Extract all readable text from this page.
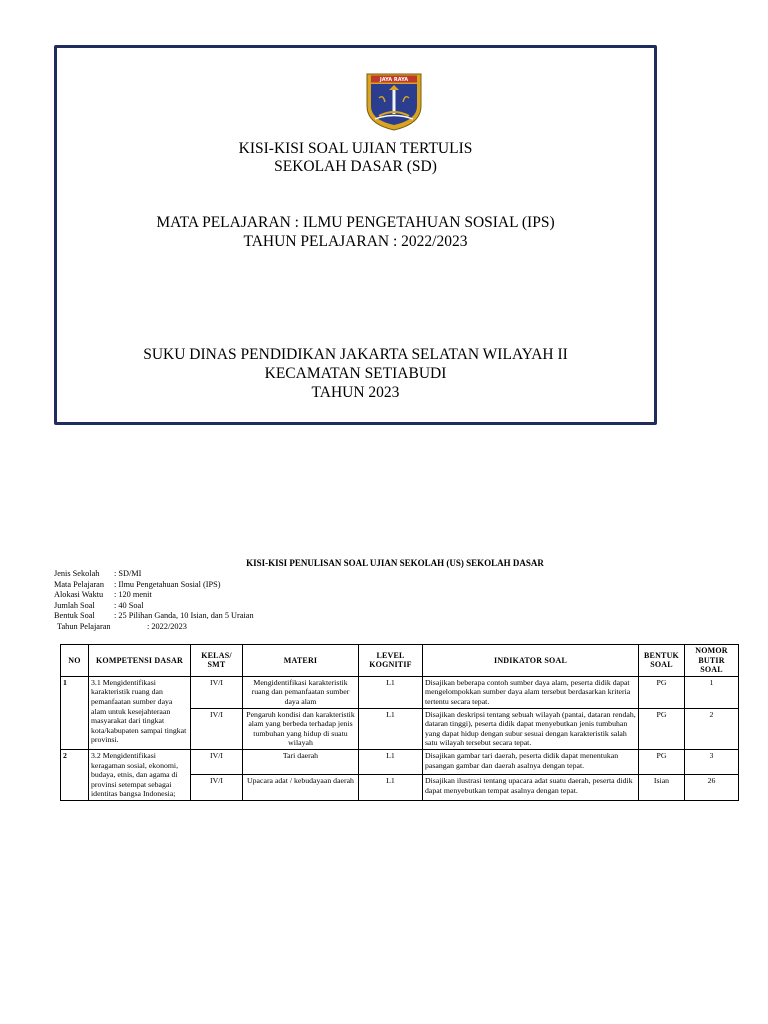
JAYA RAYA
KISI-KISI SOAL UJIAN TERTULIS
SEKOLAH DASAR (SD)
MATA PELAJARAN : ILMU PENGETAHUAN SOSIAL (IPS)
TAHUN PELAJARAN : 2022/2023
SUKU DINAS PENDIDIKAN JAKARTA SELATAN WILAYAH II
KECAMATAN SETIABUDI
TAHUN 2023
KISI-KISI PENULISAN SOAL UJIAN SEKOLAH (US) SEKOLAH DASAR
Jenis Sekolah	: SD/MI
Mata Pelajaran	: Ilmu Pengetahuan Sosial (IPS)
Alokasi Waktu	: 120 menit
Jumlah Soal	: 40 Soal
Bentuk Soal	: 25 Pilihan Ganda, 10 Isian, dan 5 Uraian
Tahun Pelajaran	: 2022/2023
NO	KOMPETENSI DASAR	KELAS/ SMT	MATERI	LEVEL KOGNITIF	INDIKATOR SOAL	BENTUK SOAL	NOMOR BUTIR SOAL
1	3.1 Mengidentifikasi karakteristik ruang dan pemanfaatan sumber daya alam untuk kesejahteraan masyarakat dari tingkat kota/kabupaten sampai tingkat provinsi.	IV/I	Mengidentifikasi karakteristik ruang dan pemanfaatan sumber daya alam	L1	Disajikan beberapa contoh sumber daya alam, peserta didik dapat mengelompokkan sumber daya alam tersebut berdasarkan kriteria tertentu secara tepat.	PG	1
		IV/I	Pengaruh kondisi dan karakteristik alam yang berbeda terhadap jenis tumbuhan yang hidup di suatu wilayah	L1	Disajikan deskripsi tentang sebuah wilayah (pantai, dataran rendah, dataran tinggi), peserta didik dapat menyebutkan jenis tumbuhan yang dapat hidup dengan subur sesuai dengan karakteristik salah satu wilayah tersebut secara tepat.	PG	2
2	3.2 Mengidentifikasi keragaman sosial, ekonomi, budaya, etnis, dan agama di provinsi setempat sebagai identitas bangsa Indonesia;	IV/I	Tari daerah	L1	Disajikan gambar tari daerah, peserta didik dapat menentukan pasangan gambar dan daerah asalnya dengan tepat.	PG	3
		IV/I	Upacara adat / kebudayaan daerah	L1	Disajikan ilustrasi tentang upacara adat suatu daerah, peserta didik dapat menyebutkan tempat asalnya dengan tepat.	Isian	26
